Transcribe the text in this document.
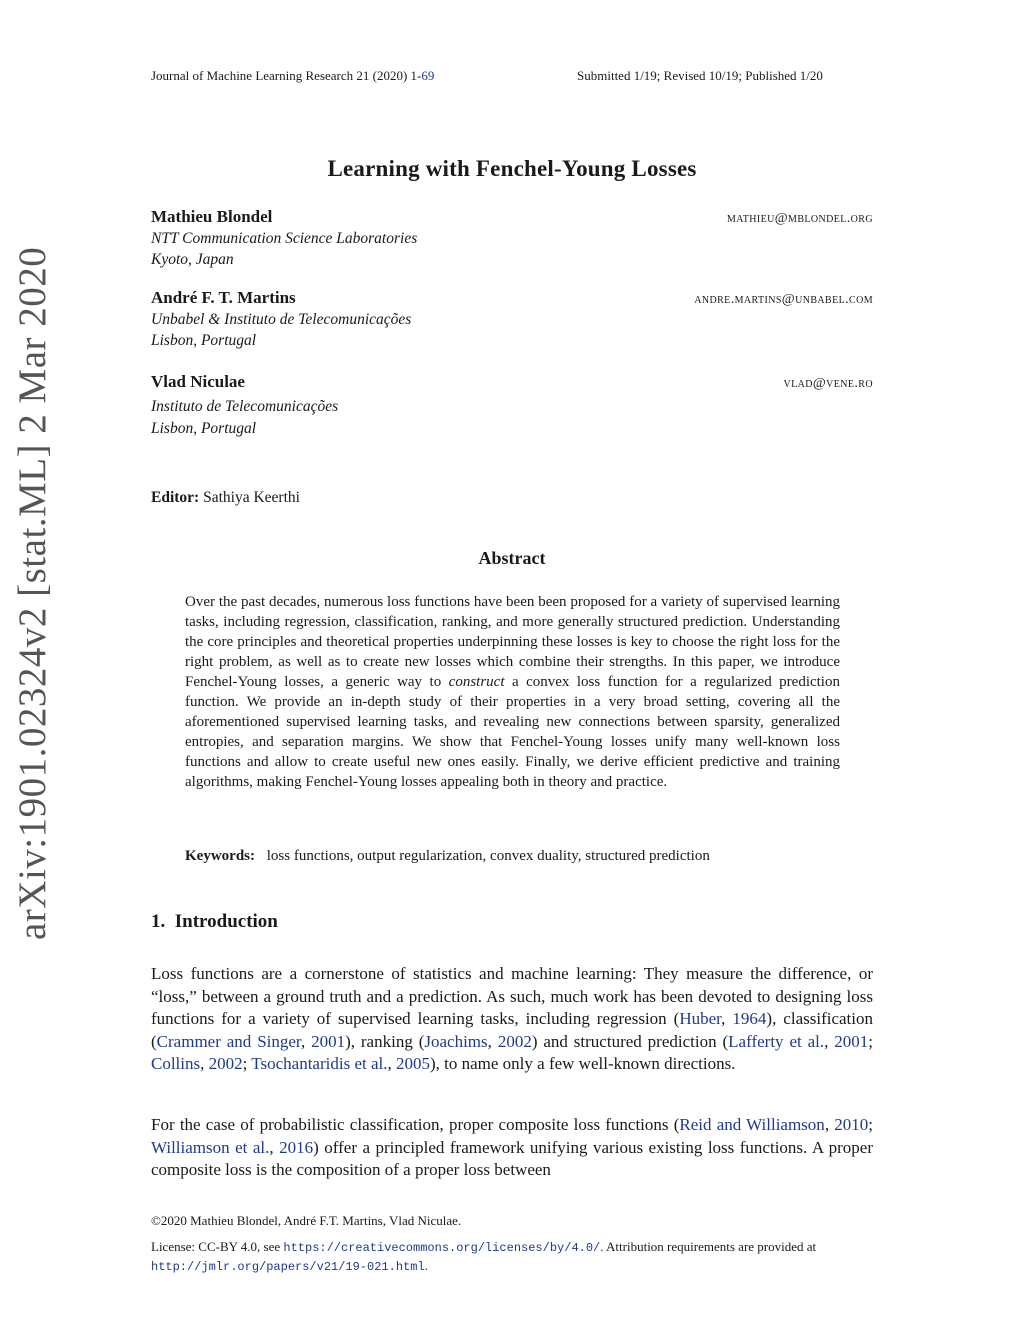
Journal of Machine Learning Research 21 (2020) 1-69	Submitted 1/19; Revised 10/19; Published 1/20
arXiv:1901.02324v2 [stat.ML] 2 Mar 2020
Learning with Fenchel-Young Losses
Mathieu Blondel	mathieu@mblondel.org
NTT Communication Science Laboratories
Kyoto, Japan
André F. T. Martins	andre.martins@unbabel.com
Unbabel & Instituto de Telecomunicações
Lisbon, Portugal
Vlad Niculae	vlad@vene.ro
Instituto de Telecomunicações
Lisbon, Portugal
Editor: Sathiya Keerthi
Abstract
Over the past decades, numerous loss functions have been been proposed for a variety of supervised learning tasks, including regression, classification, ranking, and more generally structured prediction. Understanding the core principles and theoretical properties underpinning these losses is key to choose the right loss for the right problem, as well as to create new losses which combine their strengths. In this paper, we introduce Fenchel-Young losses, a generic way to construct a convex loss function for a regularized prediction function. We provide an in-depth study of their properties in a very broad setting, covering all the aforementioned supervised learning tasks, and revealing new connections between sparsity, generalized entropies, and separation margins. We show that Fenchel-Young losses unify many well-known loss functions and allow to create useful new ones easily. Finally, we derive efficient predictive and training algorithms, making Fenchel-Young losses appealing both in theory and practice.
Keywords: loss functions, output regularization, convex duality, structured prediction
1. Introduction
Loss functions are a cornerstone of statistics and machine learning: They measure the difference, or “loss,” between a ground truth and a prediction. As such, much work has been devoted to designing loss functions for a variety of supervised learning tasks, including regression (Huber, 1964), classification (Crammer and Singer, 2001), ranking (Joachims, 2002) and structured prediction (Lafferty et al., 2001; Collins, 2002; Tsochantaridis et al., 2005), to name only a few well-known directions.
For the case of probabilistic classification, proper composite loss functions (Reid and Williamson, 2010; Williamson et al., 2016) offer a principled framework unifying various existing loss functions. A proper composite loss is the composition of a proper loss between
©2020 Mathieu Blondel, André F.T. Martins, Vlad Niculae.
License: CC-BY 4.0, see https://creativecommons.org/licenses/by/4.0/. Attribution requirements are provided at http://jmlr.org/papers/v21/19-021.html.
